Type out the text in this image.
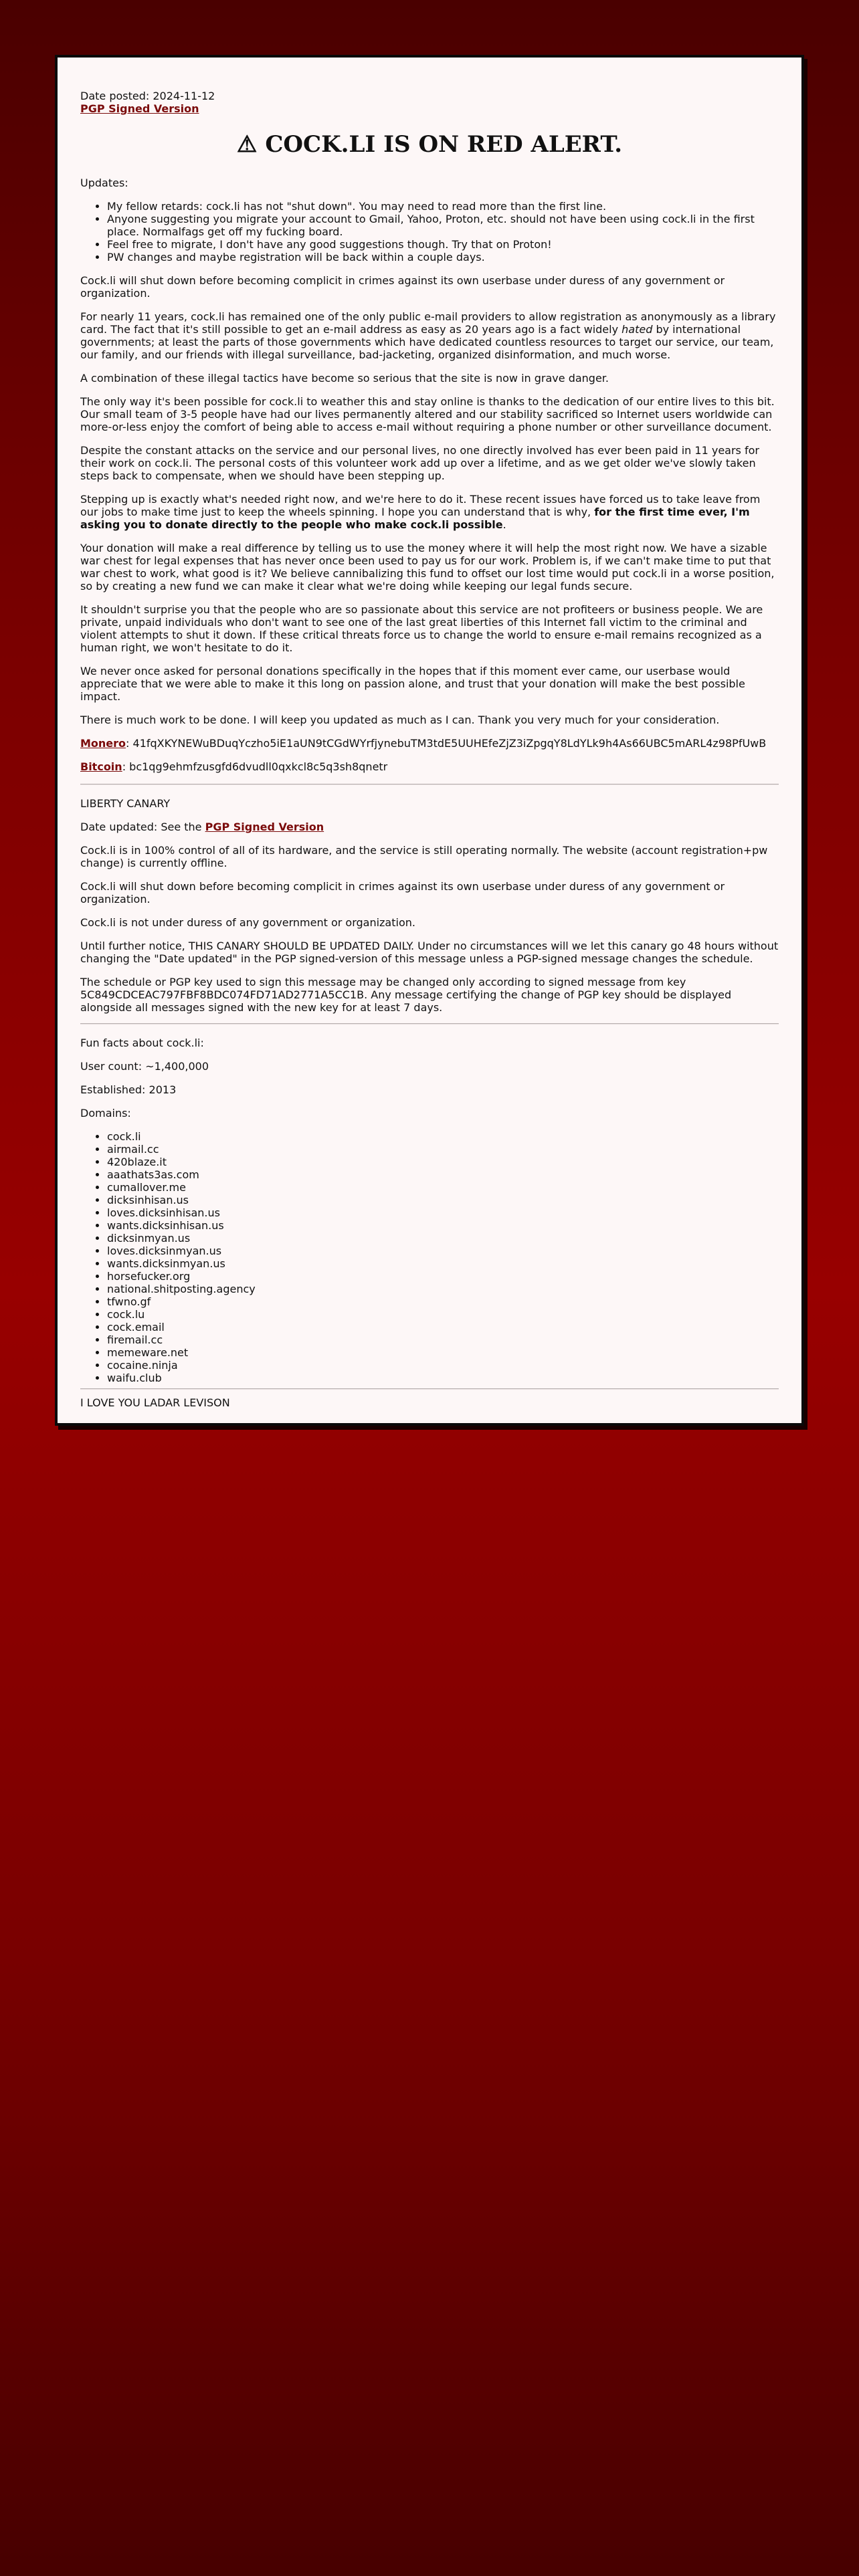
Date posted: 2024-11-12
PGP Signed Version
⚠ COCK.LI IS ON RED ALERT.

Updates:

• My fellow retards: cock.li has not "shut down". You may need to read more than the first line.
• Anyone suggesting you migrate your account to Gmail, Yahoo, Proton, etc. should not have been using cock.li in the first place. Normalfags get off my fucking board.
• Feel free to migrate, I don't have any good suggestions though. Try that on Proton!
• PW changes and maybe registration will be back within a couple days.

Cock.li will shut down before becoming complicit in crimes against its own userbase under duress of any government or organization.

For nearly 11 years, cock.li has remained one of the only public e-mail providers to allow registration as anonymously as a library card. The fact that it's still possible to get an e-mail address as easy as 20 years ago is a fact widely hated by international governments; at least the parts of those governments which have dedicated countless resources to target our service, our team, our family, and our friends with illegal surveillance, bad-jacketing, organized disinformation, and much worse.

A combination of these illegal tactics have become so serious that the site is now in grave danger.

The only way it's been possible for cock.li to weather this and stay online is thanks to the dedication of our entire lives to this bit. Our small team of 3-5 people have had our lives permanently altered and our stability sacrificed so Internet users worldwide can more-or-less enjoy the comfort of being able to access e-mail without requiring a phone number or other surveillance document.

Despite the constant attacks on the service and our personal lives, no one directly involved has ever been paid in 11 years for their work on cock.li. The personal costs of this volunteer work add up over a lifetime, and as we get older we've slowly taken steps back to compensate, when we should have been stepping up.

Stepping up is exactly what's needed right now, and we're here to do it. These recent issues have forced us to take leave from our jobs to make time just to keep the wheels spinning. I hope you can understand that is why, for the first time ever, I'm asking you to donate directly to the people who make cock.li possible.

Your donation will make a real difference by telling us to use the money where it will help the most right now. We have a sizable war chest for legal expenses that has never once been used to pay us for our work. Problem is, if we can't make time to put that war chest to work, what good is it? We believe cannibalizing this fund to offset our lost time would put cock.li in a worse position, so by creating a new fund we can make it clear what we're doing while keeping our legal funds secure.

It shouldn't surprise you that the people who are so passionate about this service are not profiteers or business people. We are private, unpaid individuals who don't want to see one of the last great liberties of this Internet fall victim to the criminal and violent attempts to shut it down. If these critical threats force us to change the world to ensure e-mail remains recognized as a human right, we won't hesitate to do it.

We never once asked for personal donations specifically in the hopes that if this moment ever came, our userbase would appreciate that we were able to make it this long on passion alone, and trust that your donation will make the best possible impact.

There is much work to be done. I will keep you updated as much as I can. Thank you very much for your consideration.

Monero: 41fqXKYNEWuBDuqYczho5iE1aUN9tCGdWYrfjynebuTM3tdE5UUHEfeZjZ3iZpgqY8LdYLk9h4As66UBC5mARL4z98PfUwB

Bitcoin: bc1qg9ehmfzusgfd6dvudll0qxkcl8c5q3sh8qnetr

LIBERTY CANARY

Date updated: See the PGP Signed Version

Cock.li is in 100% control of all of its hardware, and the service is still operating normally. The website (account registration+pw change) is currently offline.

Cock.li will shut down before becoming complicit in crimes against its own userbase under duress of any government or organization.

Cock.li is not under duress of any government or organization.

Until further notice, THIS CANARY SHOULD BE UPDATED DAILY. Under no circumstances will we let this canary go 48 hours without changing the "Date updated" in the PGP signed-version of this message unless a PGP-signed message changes the schedule.

The schedule or PGP key used to sign this message may be changed only according to signed message from key 5C849CDCEAC797FBF8BDC074FD71AD2771A5CC1B. Any message certifying the change of PGP key should be displayed alongside all messages signed with the new key for at least 7 days.

Fun facts about cock.li:

User count: ~1,400,000

Established: 2013

Domains:

• cock.li
• airmail.cc
• 420blaze.it
• aaathats3as.com
• cumallover.me
• dicksinhisan.us
• loves.dicksinhisan.us
• wants.dicksinhisan.us
• dicksinmyan.us
• loves.dicksinmyan.us
• wants.dicksinmyan.us
• horsefucker.org
• national.shitposting.agency
• tfwno.gf
• cock.lu
• cock.email
• firemail.cc
• memeware.net
• cocaine.ninja
• waifu.club

I LOVE YOU LADAR LEVISON
